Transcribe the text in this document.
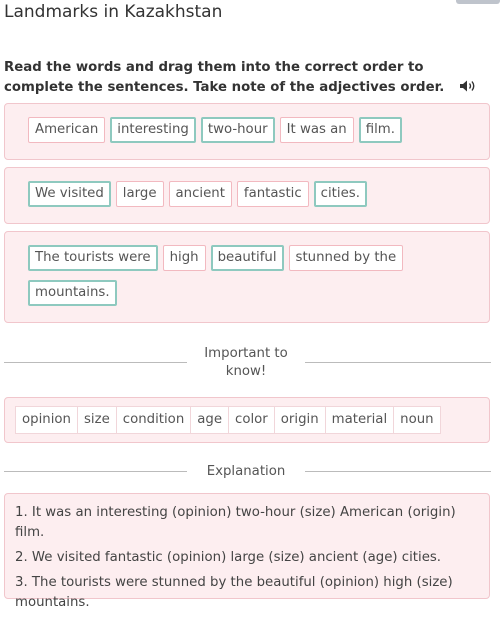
Landmarks in Kazakhstan
Read the words and drag them into the correct order to complete the sentences. Take note of the adjectives order.
American	interesting	two-hour	It was an	film.
We visited	large	ancient	fantastic	cities.
The tourists were	high	beautiful	stunned by the
mountains.
Important to know!
opinion size condition age color origin material noun
Explanation
1. It was an interesting (opinion) two-hour (size) American (origin) film.
2. We visited fantastic (opinion) large (size) ancient (age) cities.
3. The tourists were stunned by the beautiful (opinion) high (size) mountains.
